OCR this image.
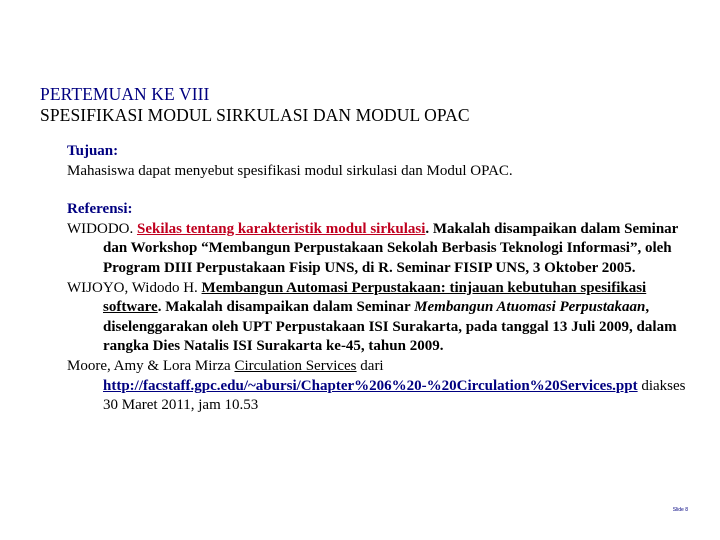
PERTEMUAN KE VIII
SPESIFIKASI MODUL SIRKULASI DAN MODUL OPAC
Tujuan:
Mahasiswa dapat menyebut spesifikasi modul sirkulasi dan Modul OPAC.
Referensi:
WIDODO. Sekilas tentang karakteristik modul sirkulasi. Makalah disampaikan dalam Seminar dan Workshop “Membangun Perpustakaan Sekolah Berbasis Teknologi Informasi”, oleh Program DIII Perpustakaan Fisip UNS, di R. Seminar FISIP UNS, 3 Oktober 2005.
WIJOYO, Widodo H. Membangun Automasi Perpustakaan: tinjauan kebutuhan spesifikasi software. Makalah disampaikan dalam Seminar Membangun Atuomasi Perpustakaan, diselenggarakan oleh UPT Perpustakaan ISI Surakarta, pada tanggal 13 Juli 2009, dalam rangka Dies Natalis ISI Surakarta ke-45, tahun 2009.
Moore, Amy & Lora Mirza Circulation Services dari
http://facstaff.gpc.edu/~abursi/Chapter%206%20-%20Circulation%20Services.ppt diakses 30 Maret 2011, jam 10.53
Slide 8
